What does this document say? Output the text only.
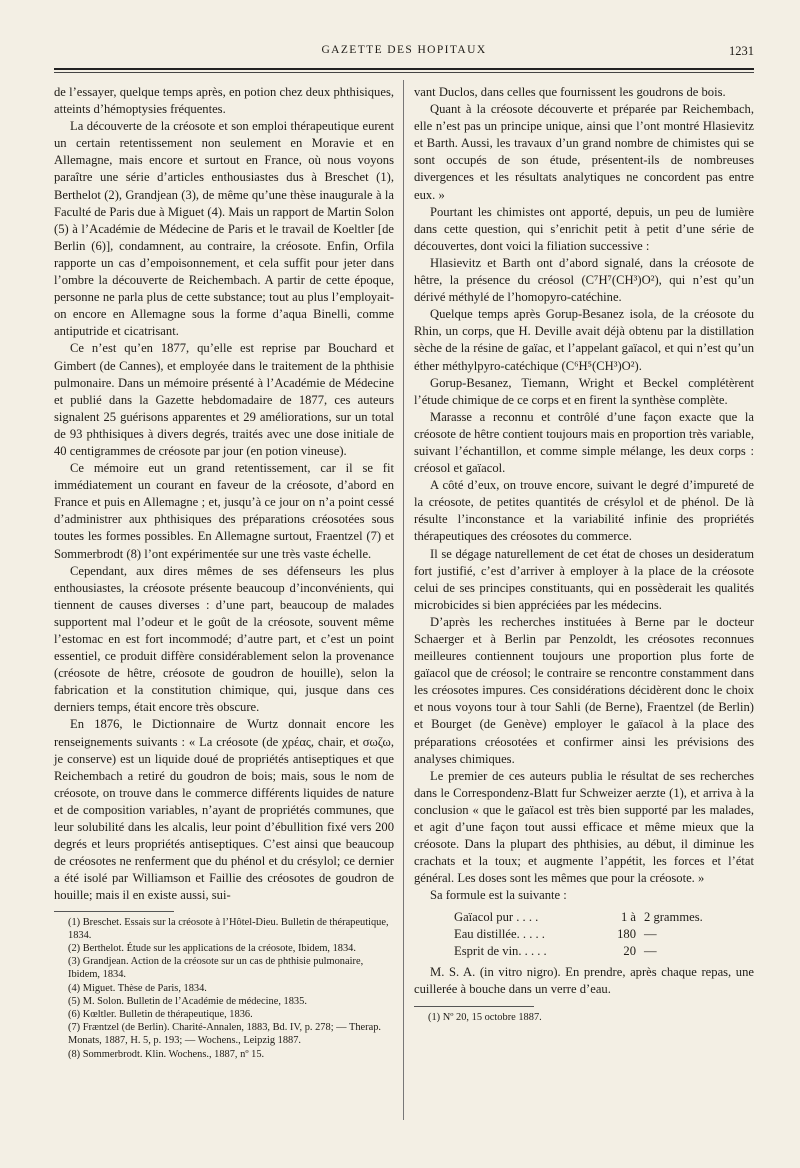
GAZETTE DES HOPITAUX	1231

de l’essayer, quelque temps après, en potion chez deux phthisiques, atteints d’hémoptysies fréquentes.

La découverte de la créosote et son emploi thérapeutique eurent un certain retentissement non seulement en Moravie et en Allemagne, mais encore et surtout en France, où nous voyons paraître une série d’articles enthousiastes dus à Breschet (1), Berthelot (2), Grandjean (3), de même qu’une thèse inaugurale à la Faculté de Paris due à Miguet (4). Mais un rapport de Martin Solon (5) à l’Académie de Médecine de Paris et le travail de Koeltler [de Berlin (6)], condamnent, au contraire, la créosote. Enfin, Orfila rapporte un cas d’empoisonnement, et cela suffit pour jeter dans l’ombre la découverte de Reichembach. A partir de cette époque, personne ne parla plus de cette substance; tout au plus l’employait-on encore en Allemagne sous la forme d’aqua Binelli, comme antiputride et cicatrisant.

Ce n’est qu’en 1877, qu’elle est reprise par Bouchard et Gimbert (de Cannes), et employée dans le traitement de la phthisie pulmonaire. Dans un mémoire présenté à l’Académie de Médecine et publié dans la Gazette hebdomadaire de 1877, ces auteurs signalent 25 guérisons apparentes et 29 améliorations, sur un total de 93 phthisiques à divers degrés, traités avec une dose initiale de 40 centigrammes de créosote par jour (en potion vineuse).

Ce mémoire eut un grand retentissement, car il se fit immédiatement un courant en faveur de la créosote, d’abord en France et puis en Allemagne ; et, jusqu’à ce jour on n’a point cessé d’administrer aux phthisiques des préparations créosotées sous toutes les formes possibles. En Allemagne surtout, Fraentzel (7) et Sommerbrodt (8) l’ont expérimentée sur une très vaste échelle.

Cependant, aux dires mêmes de ses défenseurs les plus enthousiastes, la créosote présente beaucoup d’inconvénients, qui tiennent de causes diverses : d’une part, beaucoup de malades supportent mal l’odeur et le goût de la créosote, souvent même l’estomac en est fort incommodé; d’autre part, et c’est un point essentiel, ce produit diffère considérablement selon la provenance (créosote de hêtre, créosote de goudron de houille), selon la fabrication et la constitution chimique, qui, jusque dans ces derniers temps, était encore très obscure.

En 1876, le Dictionnaire de Wurtz donnait encore les renseignements suivants : « La créosote (de χρέας, chair, et σωζω, je conserve) est un liquide doué de propriétés antiseptiques et que Reichembach a retiré du goudron de bois; mais, sous le nom de créosote, on trouve dans le commerce différents liquides de nature et de composition variables, n’ayant de propriétés communes, que leur solubilité dans les alcalis, leur point d’ébullition fixé vers 200 degrés et leurs propriétés antiseptiques. C’est ainsi que beaucoup de créosotes ne renferment que du phénol et du crésylol; ce dernier a été isolé par Williamson et Faillie des créosotes de goudron de houille; mais il en existe aussi, sui-

(1) Breschet. Essais sur la créosote à l’Hôtel-Dieu. Bulletin de thérapeutique, 1834.

(2) Berthelot. Étude sur les applications de la créosote, Ibidem, 1834.

(3) Grandjean. Action de la créosote sur un cas de phthisie pulmonaire, Ibidem, 1834.

(4) Miguet. Thèse de Paris, 1834.

(5) M. Solon. Bulletin de l’Académie de médecine, 1835.

(6) Kœltler. Bulletin de thérapeutique, 1836.

(7) Fræntzel (de Berlin). Charité-Annalen, 1883, Bd. IV, p. 278; — Therap. Monats, 1887, H. 5, p. 193; — Wochens., Leipzig 1887.

(8) Sommerbrodt. Klin. Wochens., 1887, nº 15.

vant Duclos, dans celles que fournissent les goudrons de bois.

Quant à la créosote découverte et préparée par Reichembach, elle n’est pas un principe unique, ainsi que l’ont montré Hlasievitz et Barth. Aussi, les travaux d’un grand nombre de chimistes qui se sont occupés de son étude, présentent-ils de nombreuses divergences et les résultats analytiques ne concordent pas entre eux. »

Pourtant les chimistes ont apporté, depuis, un peu de lumière dans cette question, qui s’enrichit petit à petit d’une série de découvertes, dont voici la filiation successive :

Hlasievitz et Barth ont d’abord signalé, dans la créosote de hêtre, la présence du créosol (C⁷H⁷(CH³)O²), qui n’est qu’un dérivé méthylé de l’homopyro-catéchine.

Quelque temps après Gorup-Besanez isola, de la créosote du Rhin, un corps, que H. Deville avait déjà obtenu par la distillation sèche de la résine de gaïac, et l’appelant gaïacol, et qui n’est qu’un éther méthylpyro-catéchique (C⁶H⁵(CH³)O²).

Gorup-Besanez, Tiemann, Wright et Beckel complétèrent l’étude chimique de ce corps et en firent la synthèse complète.

Marasse a reconnu et contrôlé d’une façon exacte que la créosote de hêtre contient toujours mais en proportion très variable, suivant l’échantillon, et comme simple mélange, les deux corps : créosol et gaïacol.

A côté d’eux, on trouve encore, suivant le degré d’impureté de la créosote, de petites quantités de crésylol et de phénol. De là résulte l’inconstance et la variabilité infinie des propriétés thérapeutiques des créosotes du commerce.

Il se dégage naturellement de cet état de choses un desideratum fort justifié, c’est d’arriver à employer à la place de la créosote celui de ses principes constituants, qui en possèderait les qualités microbicides si bien appréciées par les médecins.

D’après les recherches instituées à Berne par le docteur Schaerger et à Berlin par Penzoldt, les créosotes reconnues meilleures contiennent toujours une proportion plus forte de gaïacol que de créosol; le contraire se rencontre constamment dans les créosotes impures. Ces considérations décidèrent donc le choix et nous voyons tour à tour Sahli (de Berne), Fraentzel (de Berlin) et Bourget (de Genève) employer le gaïacol à la place des préparations créosotées et confirmer ainsi les prévisions des analyses chimiques.

Le premier de ces auteurs publia le résultat de ses recherches dans le Correspondenz-Blatt fur Schweizer aerzte (1), et arriva à la conclusion « que le gaïacol est très bien supporté par les malades, et agit d’une façon tout aussi efficace et même mieux que la créosote. Dans la plupart des phthisies, au début, il diminue les crachats et la toux; et augmente l’appétit, les forces et l’état général. Les doses sont les mêmes que pour la créosote. »

Sa formule est la suivante :

Gaïacol pur . . . .	1 à 2 grammes.
Eau distillée. . . . .	180 —
Esprit de vin. . . . .	20 —

M. S. A. (in vitro nigro). En prendre, après chaque repas, une cuillerée à bouche dans un verre d’eau.

(1) Nº 20, 15 octobre 1887.
